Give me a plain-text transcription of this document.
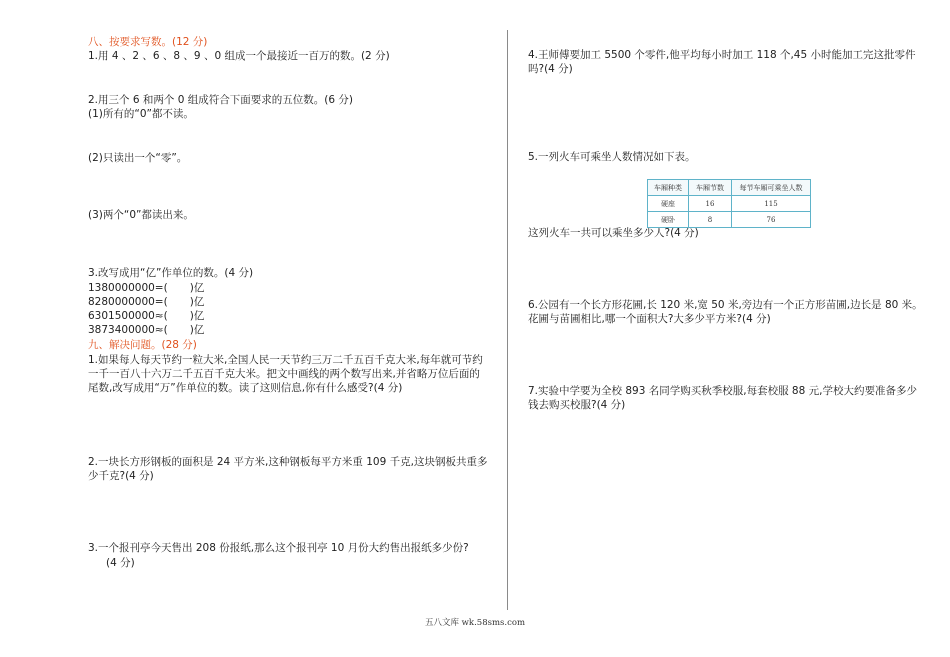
八、按要求写数。(12 分)
1.用 4 、2 、6 、8 、9 、0 组成一个最接近一百万的数。(2 分)
2.用三个 6 和两个 0 组成符合下面要求的五位数。(6 分)
(1)所有的“0”都不读。
(2)只读出一个“零”。
(3)两个“0”都读出来。
3.改写成用“亿”作单位的数。(4 分)
1380000000=( )亿
8280000000=( )亿
6301500000≈( )亿
3873400000≈( )亿
九、解决问题。(28 分)
1.如果每人每天节约一粒大米,全国人民一天节约三万二千五百千克大米,每年就可节约一千一百八十六万二千五百千克大米。把文中画线的两个数写出来,并省略万位后面的尾数,改写成用“万”作单位的数。读了这则信息,你有什么感受?(4 分)
2.一块长方形钢板的面积是 24 平方米,这种钢板每平方米重 109 千克,这块钢板共重多少千克?(4 分)
3.一个报刊亭今天售出 208 份报纸,那么这个报刊亭 10 月份大约售出报纸多少份?
(4 分)
4.王师傅要加工 5500 个零件,他平均每小时加工 118 个,45 小时能加工完这批零件吗?(4 分)
5.一列火车可乘坐人数情况如下表。
这列火车一共可以乘坐多少人?(4 分)
6.公园有一个长方形花圃,长 120 米,宽 50 米,旁边有一个正方形苗圃,边长是 80 米。花圃与苗圃相比,哪一个面积大?大多少平方米?(4 分)
7.实验中学要为全校 893 名同学购买秋季校服,每套校服 88 元,学校大约要准备多少钱去购买校服?(4 分)
车厢种类	车厢节数	每节车厢可乘坐人数
硬座	16	115
硬卧	8	76
五八文库 wk.58sms.com
